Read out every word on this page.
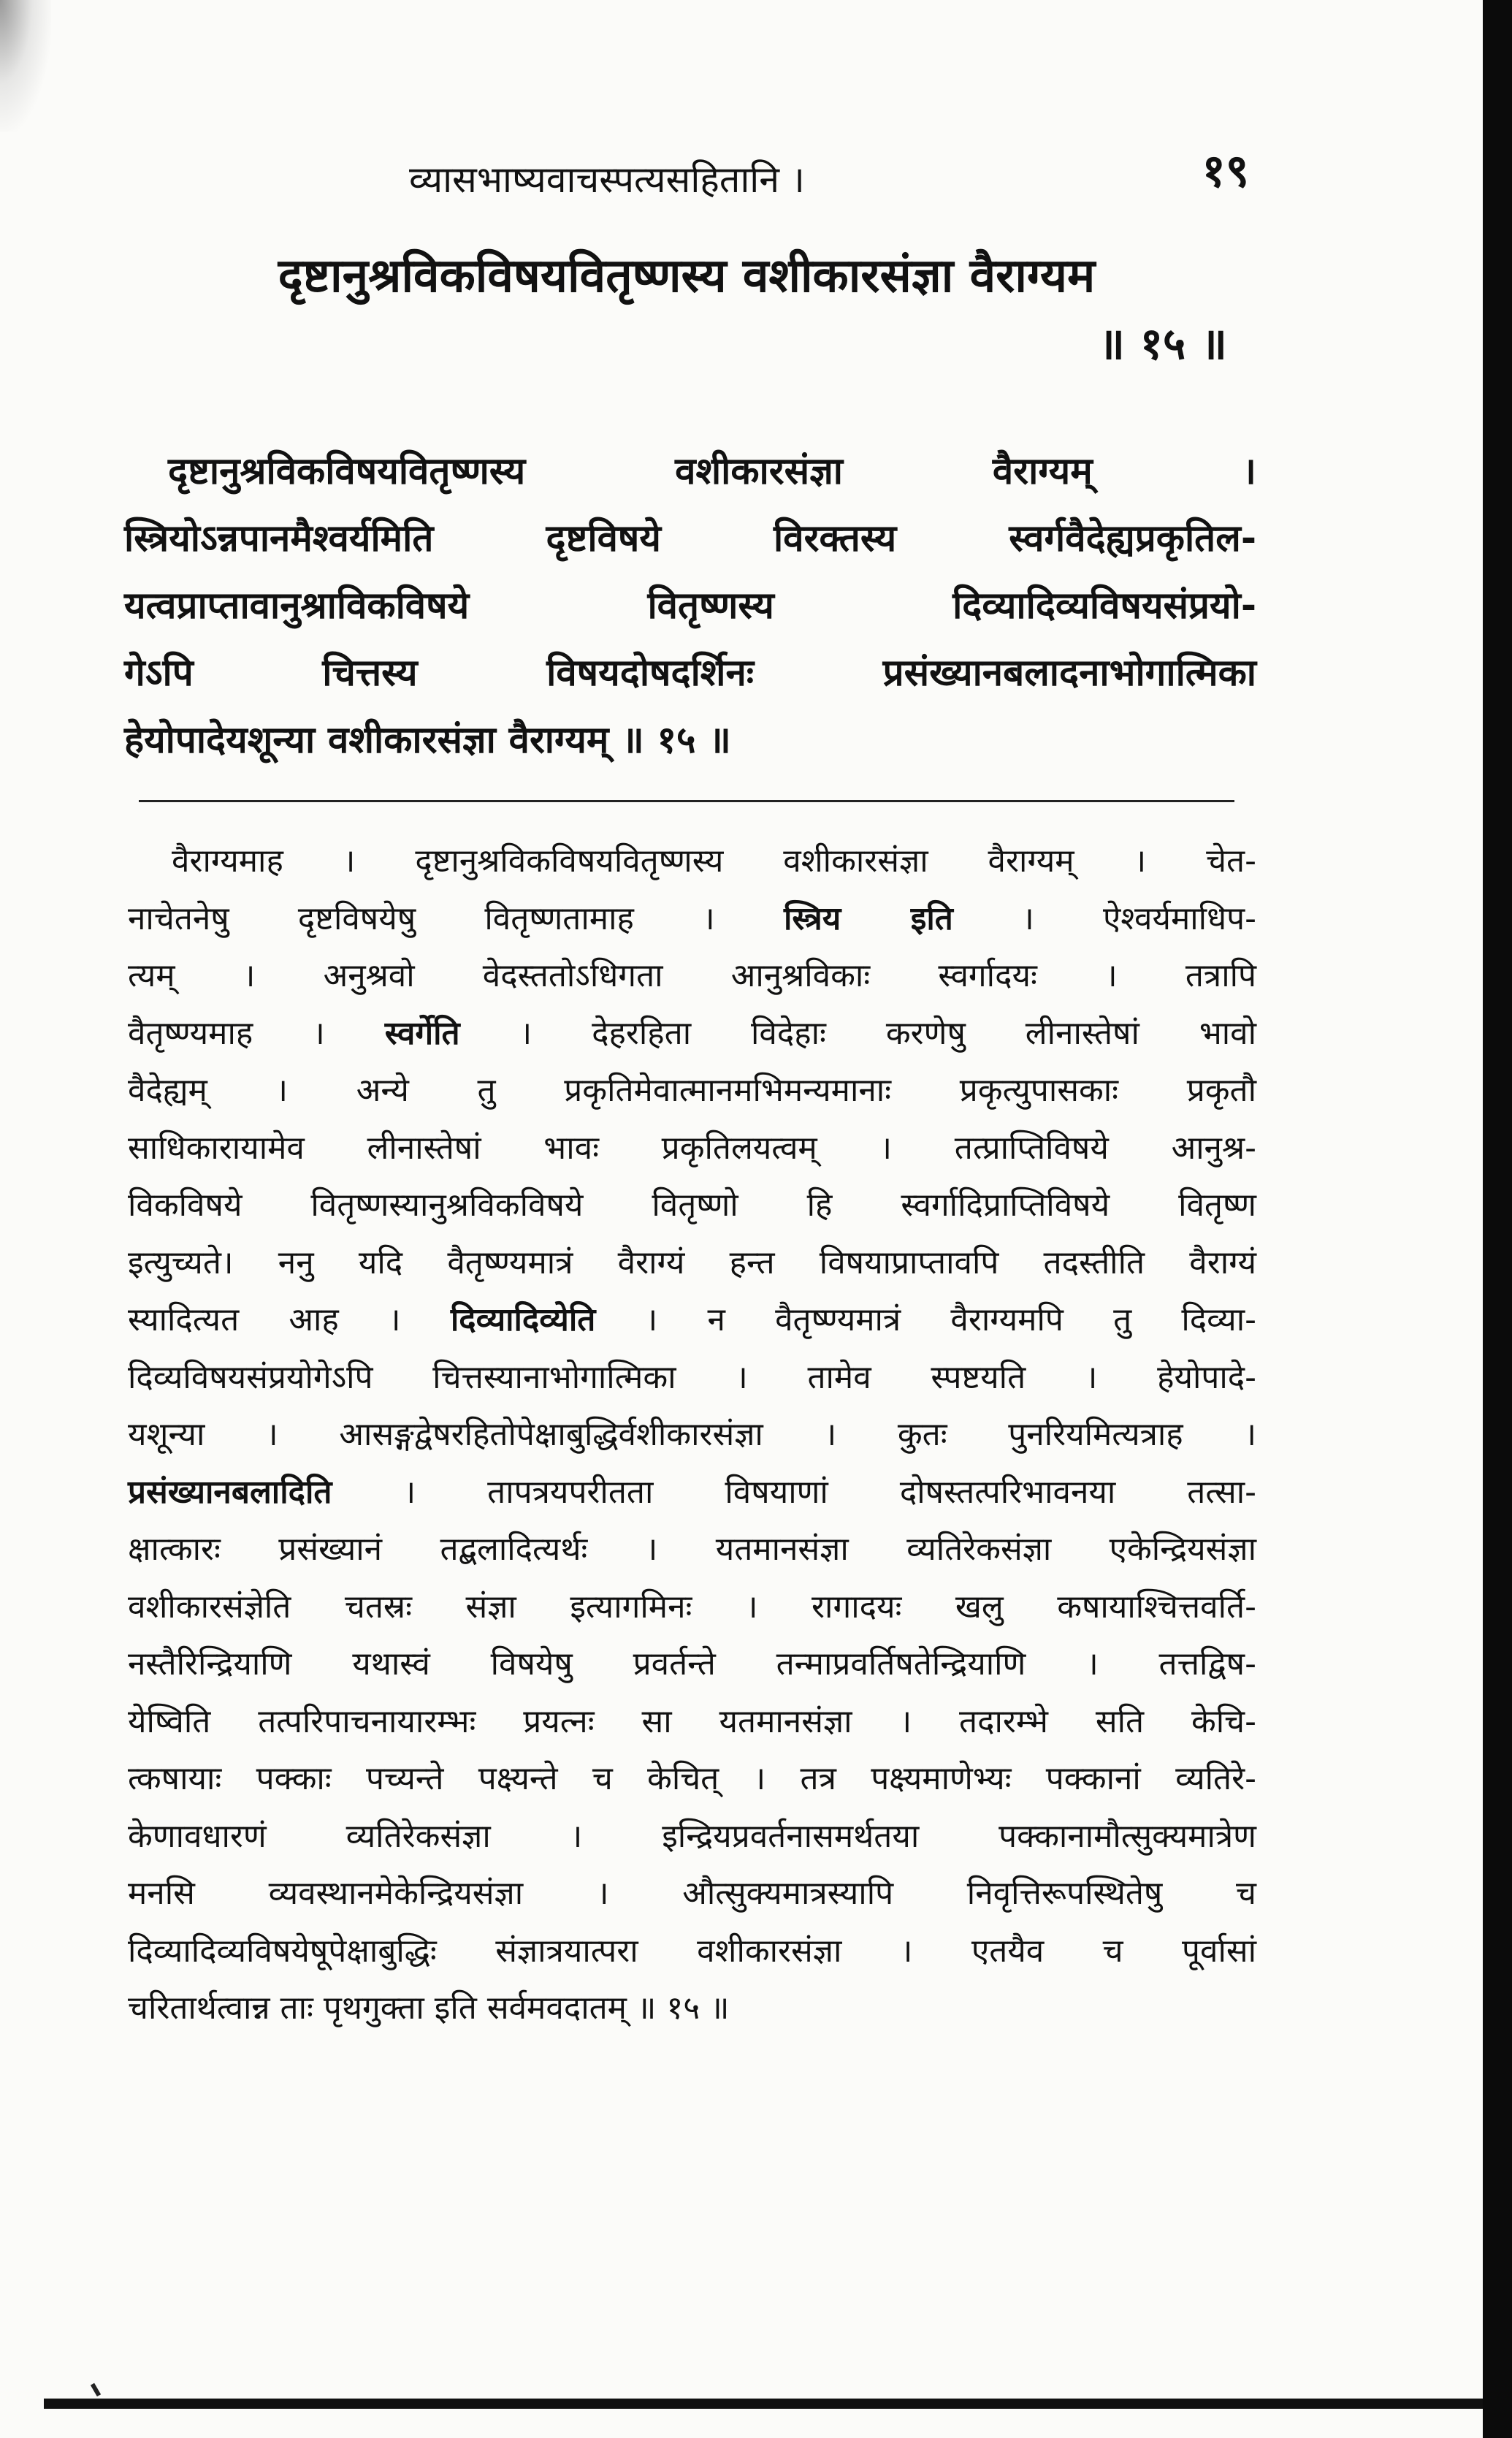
व्यासभाष्यवाचस्पत्यसहितानि ।	१९
दृष्टानुश्रविकविषयवितृष्णस्य वशीकारसंज्ञा वैराग्यम
॥ १५ ॥
दृष्टानुश्रविकविषयवितृष्णस्य वशीकारसंज्ञा वैराग्यम् ।
स्त्रियोऽन्नपानमैश्वर्यमिति दृष्टविषये विरक्तस्य स्वर्गवैदेह्यप्रकृतिल-
यत्वप्राप्तावानुश्राविकविषये वितृष्णस्य दिव्यादिव्यविषयसंप्रयो-
गेऽपि चित्तस्य विषयदोषदर्शिनः प्रसंख्यानबलादनाभोगात्मिका
हेयोपादेयशून्या वशीकारसंज्ञा वैराग्यम् ॥ १५ ॥
वैराग्यमाह । दृष्टानुश्रविकविषयवितृष्णस्य वशीकारसंज्ञा वैराग्यम् । चेत-
नाचेतनेषु दृष्टविषयेषु वितृष्णतामाह । स्त्रिय इति । ऐश्वर्यमाधिप-
त्यम् । अनुश्रवो वेदस्ततोऽधिगता आनुश्रविकाः स्वर्गादयः । तत्रापि
वैतृष्ण्यमाह । स्वर्गेति । देहरहिता विदेहाः करणेषु लीनास्तेषां भावो
वैदेह्यम् । अन्ये तु प्रकृतिमेवात्मानमभिमन्यमानाः प्रकृत्युपासकाः प्रकृतौ
साधिकारायामेव लीनास्तेषां भावः प्रकृतिलयत्वम् । तत्प्राप्तिविषये आनुश्र-
विकविषये वितृष्णस्यानुश्रविकविषये वितृष्णो हि स्वर्गादिप्राप्तिविषये वितृष्ण
इत्युच्यते। ननु यदि वैतृष्ण्यमात्रं वैराग्यं हन्त विषयाप्राप्तावपि तदस्तीति वैराग्यं
स्यादित्यत आह । दिव्यादिव्येति । न वैतृष्ण्यमात्रं वैराग्यमपि तु दिव्या-
दिव्यविषयसंप्रयोगेऽपि चित्तस्यानाभोगात्मिका । तामेव स्पष्टयति । हेयोपादे-
यशून्या । आसङ्गद्वेषरहितोपेक्षाबुद्धिर्वशीकारसंज्ञा । कुतः पुनरियमित्यत्राह ।
प्रसंख्यानबलादिति । तापत्रयपरीतता विषयाणां दोषस्तत्परिभावनया तत्सा-
क्षात्कारः प्रसंख्यानं तद्बलादित्यर्थः । यतमानसंज्ञा व्यतिरेकसंज्ञा एकेन्द्रियसंज्ञा
वशीकारसंज्ञेति चतस्रः संज्ञा इत्यागमिनः । रागादयः खलु कषायाश्चित्तवर्ति-
नस्तैरिन्द्रियाणि यथास्वं विषयेषु प्रवर्तन्ते तन्माप्रवर्तिषतेन्द्रियाणि । तत्तद्विष-
येष्विति तत्परिपाचनायारम्भः प्रयत्नः सा यतमानसंज्ञा । तदारम्भे सति केचि-
त्कषायाः पक्काः पच्यन्ते पक्ष्यन्ते च केचित् । तत्र पक्ष्यमाणेभ्यः पक्कानां व्यतिरे-
केणावधारणं व्यतिरेकसंज्ञा । इन्द्रियप्रवर्तनासमर्थतया पक्कानामौत्सुक्यमात्रेण
मनसि व्यवस्थानमेकेन्द्रियसंज्ञा । औत्सुक्यमात्रस्यापि निवृत्तिरूपस्थितेषु च
दिव्यादिव्यविषयेषूपेक्षाबुद्धिः संज्ञात्रयात्परा वशीकारसंज्ञा । एतयैव च पूर्वासां
चरितार्थत्वान्न ताः पृथगुक्ता इति सर्वमवदातम् ॥ १५ ॥
